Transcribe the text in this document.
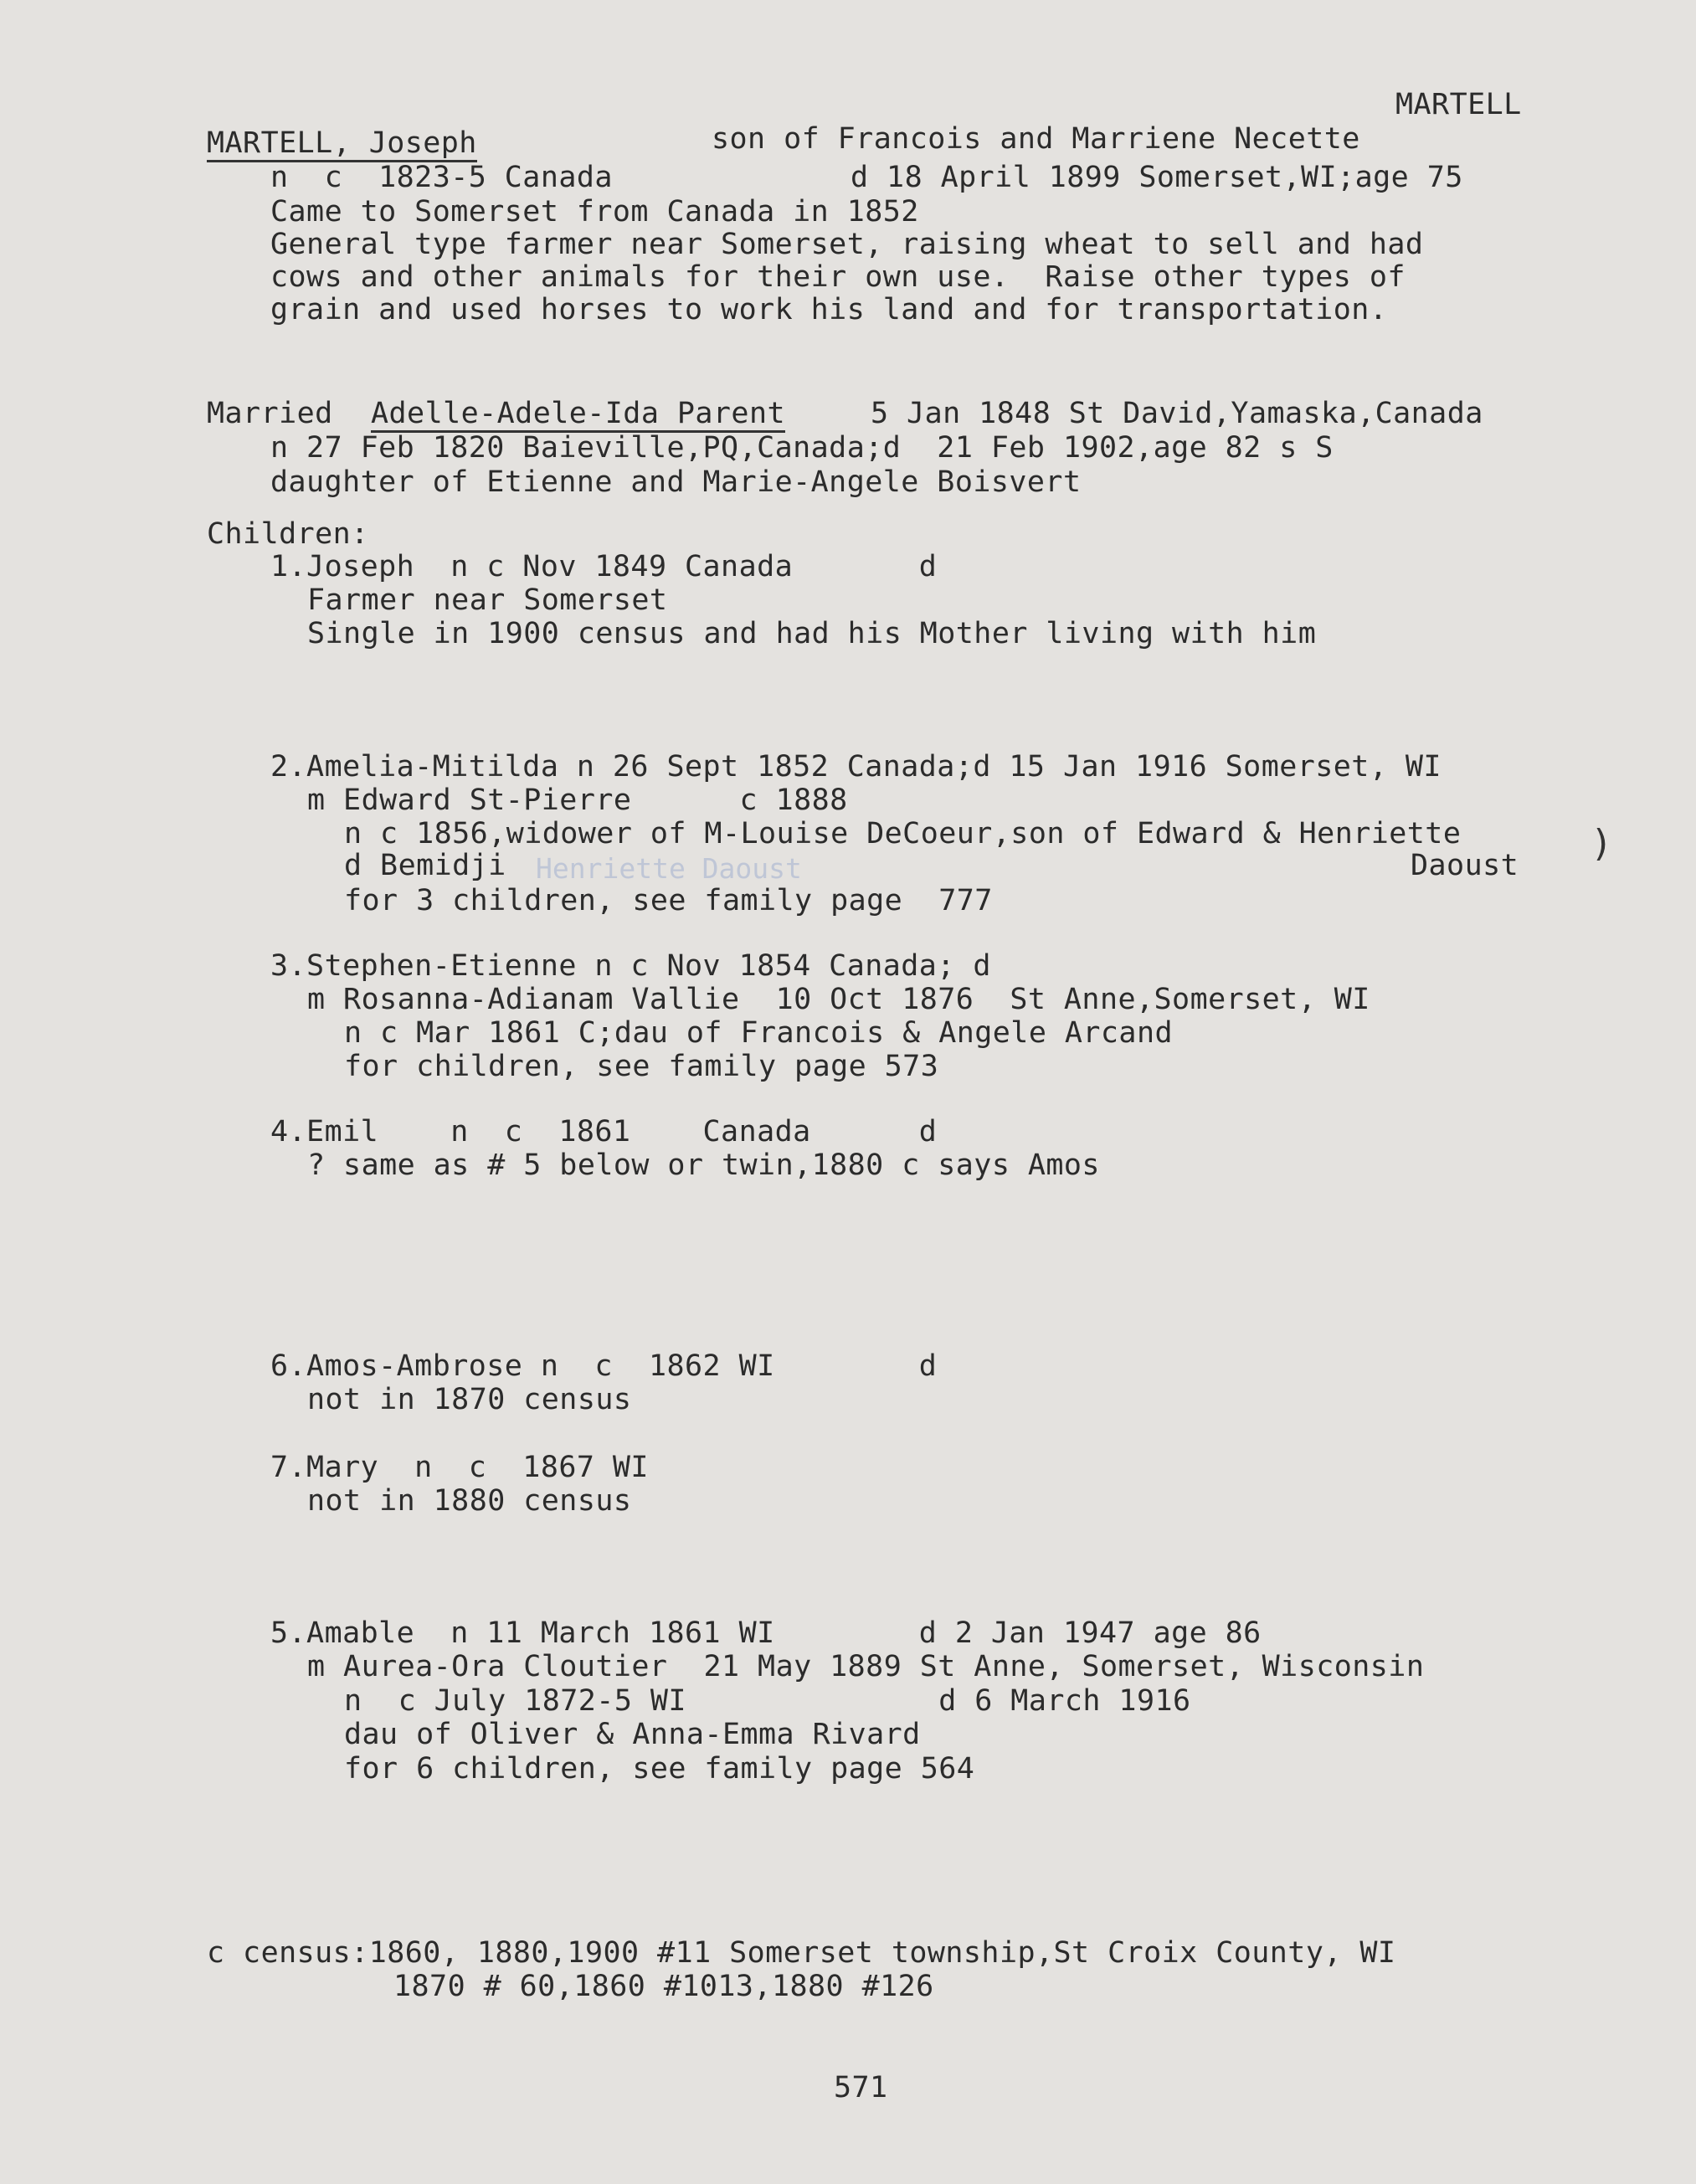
MARTELL
MARTELL, Joseph	son of Francois and Marriene Necette
n  c  1823-5 Canada	d 18 April 1899 Somerset,WI;age 75
Came to Somerset from Canada in 1852
General type farmer near Somerset, raising wheat to sell and had
cows and other animals for their own use.  Raise other types of
grain and used horses to work his land and for transportation.
Married Adelle-Adele-Ida Parent	5 Jan 1848 St David,Yamaska,Canada
n 27 Feb 1820 Baieville,PQ,Canada;d  21 Feb 1902,age 82 s S
daughter of Etienne and Marie-Angele Boisvert
Children:
1.Joseph  n c Nov 1849 Canada       d
Farmer near Somerset
Single in 1900 census and had his Mother living with him
2.Amelia-Mitilda n 26 Sept 1852 Canada;d 15 Jan 1916 Somerset, WI
m Edward St-Pierre      c 1888
n c 1856,widower of M-Louise DeCoeur,son of Edward & Henriette	)
d Bemidji Henriette Daoust	Daoust
for 3 children, see family page  777
3.Stephen-Etienne n c Nov 1854 Canada; d
m Rosanna-Adianam Vallie  10 Oct 1876  St Anne,Somerset, WI
n c Mar 1861 C;dau of Francois & Angele Arcand
for children, see family page 573
4.Emil    n  c  1861    Canada      d
? same as # 5 below or twin,1880 c says Amos
6.Amos-Ambrose n  c  1862 WI        d
not in 1870 census
7.Mary  n  c  1867 WI
not in 1880 census
5.Amable  n 11 March 1861 WI        d 2 Jan 1947 age 86
m Aurea-Ora Cloutier  21 May 1889 St Anne, Somerset, Wisconsin
n  c July 1872-5 WI              d 6 March 1916
dau of Oliver & Anna-Emma Rivard
for 6 children, see family page 564
c census:1860, 1880,1900 #11 Somerset township,St Croix County, WI
1870 # 60,1860 #1013,1880 #126
571
